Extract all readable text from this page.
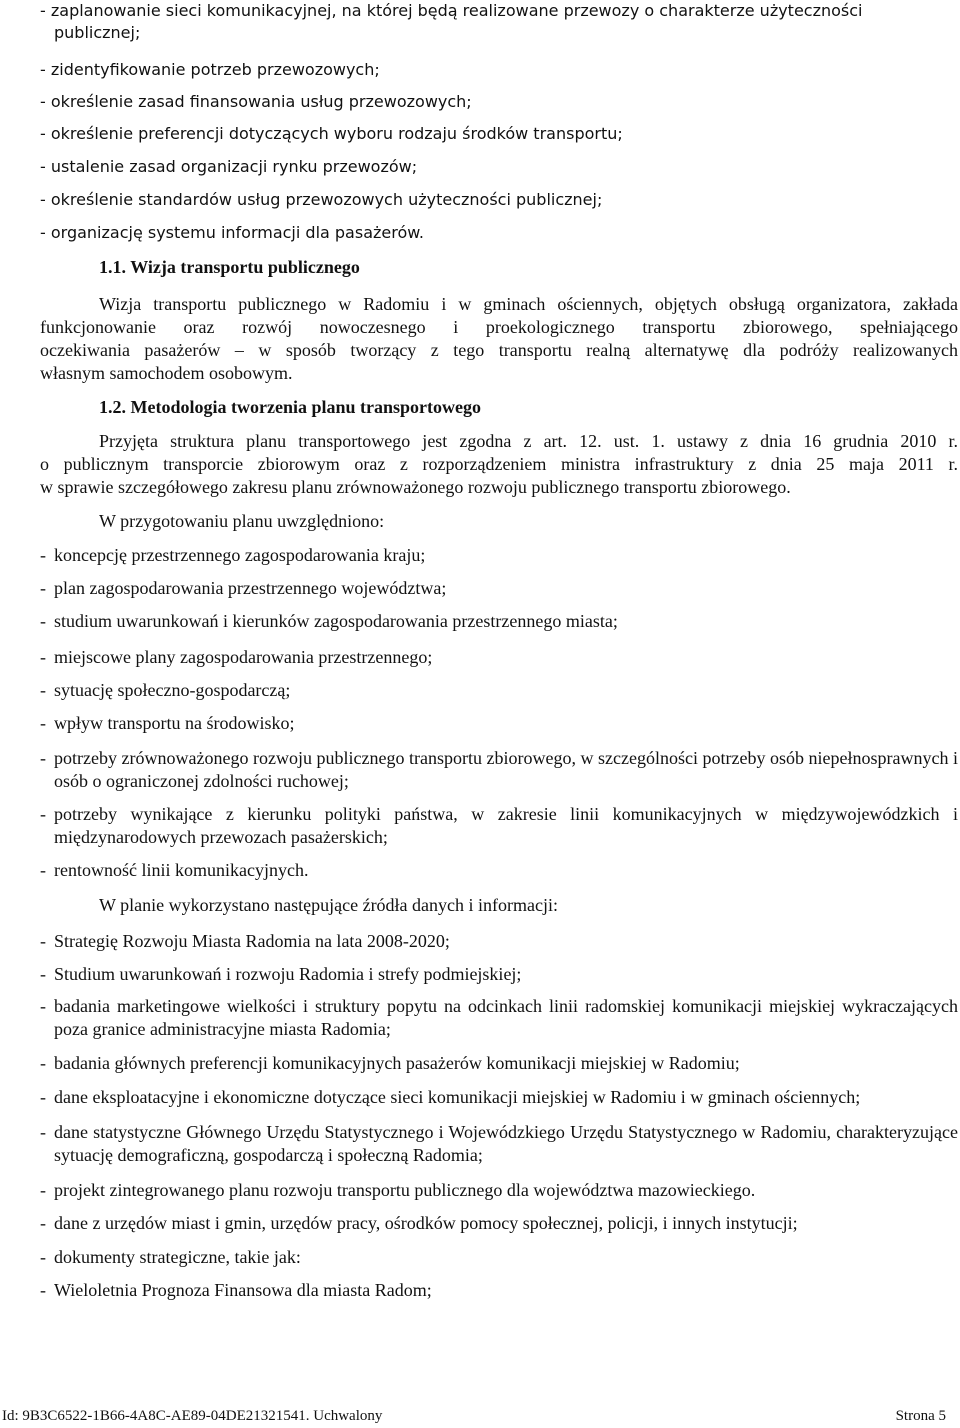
- zaplanowanie sieci komunikacyjnej, na której będą realizowane przewozy o charakterze użyteczności
publicznej;
- zidentyfikowanie potrzeb przewozowych;
- określenie zasad finansowania usług przewozowych;
- określenie preferencji dotyczących wyboru rodzaju środków transportu;
- ustalenie zasad organizacji rynku przewozów;
- określenie standardów usług przewozowych użyteczności publicznej;
- organizację systemu informacji dla pasażerów.
1.1. Wizja transportu publicznego
Wizja transportu publicznego w Radomiu i w gminach ościennych, objętych obsługą organizatora, zakłada
funkcjonowanie oraz rozwój nowoczesnego i proekologicznego transportu zbiorowego, spełniającego
oczekiwania pasażerów – w sposób tworzący z tego transportu realną alternatywę dla podróży realizowanych
własnym samochodem osobowym.
1.2. Metodologia tworzenia planu transportowego
Przyjęta struktura planu transportowego jest zgodna z art. 12. ust. 1. ustawy z dnia 16 grudnia 2010 r.
o publicznym transporcie zbiorowym oraz z rozporządzeniem ministra infrastruktury z dnia 25 maja 2011 r.
w sprawie szczegółowego zakresu planu zrównoważonego rozwoju publicznego transportu zbiorowego.
W przygotowaniu planu uwzględniono:
- koncepcję przestrzennego zagospodarowania kraju;
- plan zagospodarowania przestrzennego województwa;
- studium uwarunkowań i kierunków zagospodarowania przestrzennego miasta;
- miejscowe plany zagospodarowania przestrzennego;
- sytuację społeczno-gospodarczą;
- wpływ transportu na środowisko;
- potrzeby zrównoważonego rozwoju publicznego transportu zbiorowego, w szczególności potrzeby osób niepełnosprawnych i osób o ograniczonej zdolności ruchowej;
- potrzeby wynikające z kierunku polityki państwa, w zakresie linii komunikacyjnych w międzywojewódzkich i międzynarodowych przewozach pasażerskich;
- rentowność linii komunikacyjnych.
W planie wykorzystano następujące źródła danych i informacji:
- Strategię Rozwoju Miasta Radomia na lata 2008-2020;
- Studium uwarunkowań i rozwoju Radomia i strefy podmiejskiej;
- badania marketingowe wielkości i struktury popytu na odcinkach linii radomskiej komunikacji miejskiej wykraczających poza granice administracyjne miasta Radomia;
- badania głównych preferencji komunikacyjnych pasażerów komunikacji miejskiej w Radomiu;
- dane eksploatacyjne i ekonomiczne dotyczące sieci komunikacji miejskiej w Radomiu i w gminach ościennych;
- dane statystyczne Głównego Urzędu Statystycznego i Wojewódzkiego Urzędu Statystycznego w Radomiu, charakteryzujące sytuację demograficzną, gospodarczą i społeczną Radomia;
- projekt zintegrowanego planu rozwoju transportu publicznego dla województwa mazowieckiego.
- dane z urzędów miast i gmin, urzędów pracy, ośrodków pomocy społecznej, policji, i innych instytucji;
- dokumenty strategiczne, takie jak:
- Wieloletnia Prognoza Finansowa dla miasta Radom;
Id: 9B3C6522-1B66-4A8C-AE89-04DE21321541. Uchwalony	Strona 5
